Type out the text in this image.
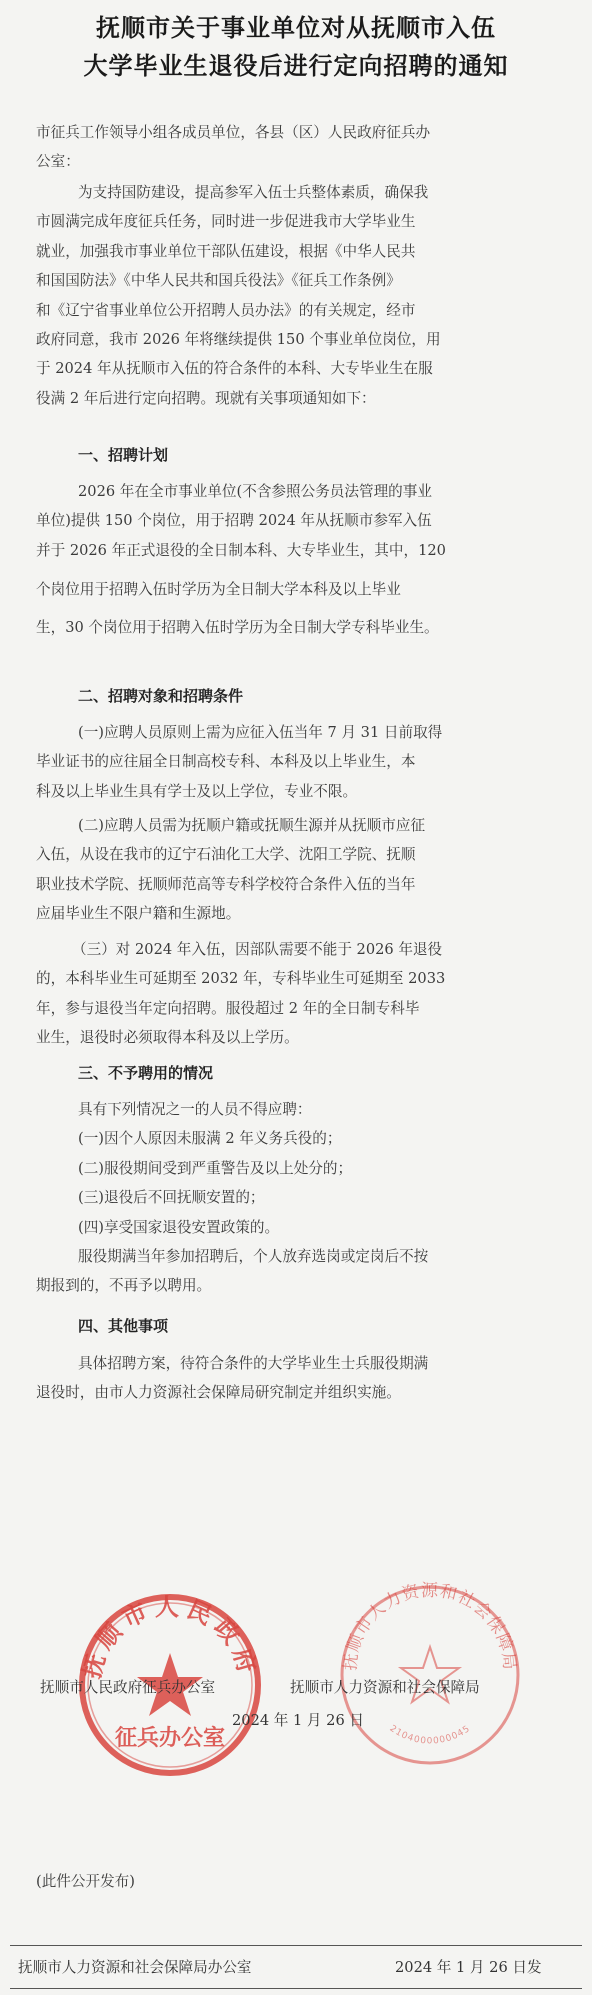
抚顺市关于事业单位对从抚顺市入伍
大学毕业生退役后进行定向招聘的通知
市征兵工作领导小组各成员单位，各县（区）人民政府征兵办
公室：
为支持国防建设，提高参军入伍士兵整体素质，确保我
市圆满完成年度征兵任务，同时进一步促进我市大学毕业生
就业，加强我市事业单位干部队伍建设，根据《中华人民共
和国国防法》《中华人民共和国兵役法》《征兵工作条例》
和《辽宁省事业单位公开招聘人员办法》的有关规定，经市
政府同意，我市 2026 年将继续提供 150 个事业单位岗位，用
于 2024 年从抚顺市入伍的符合条件的本科、大专毕业生在服
役满 2 年后进行定向招聘。现就有关事项通知如下：
一、招聘计划
2026 年在全市事业单位(不含参照公务员法管理的事业
单位)提供 150 个岗位，用于招聘 2024 年从抚顺市参军入伍
并于 2026 年正式退役的全日制本科、大专毕业生，其中，120
个岗位用于招聘入伍时学历为全日制大学本科及以上毕业
生，30 个岗位用于招聘入伍时学历为全日制大学专科毕业生。
二、招聘对象和招聘条件
(一)应聘人员原则上需为应征入伍当年 7 月 31 日前取得
毕业证书的应往届全日制高校专科、本科及以上毕业生，本
科及以上毕业生具有学士及以上学位，专业不限。
(二)应聘人员需为抚顺户籍或抚顺生源并从抚顺市应征
入伍，从设在我市的辽宁石油化工大学、沈阳工学院、抚顺
职业技术学院、抚顺师范高等专科学校符合条件入伍的当年
应届毕业生不限户籍和生源地。
（三）对 2024 年入伍，因部队需要不能于 2026 年退役
的，本科毕业生可延期至 2032 年，专科毕业生可延期至 2033
年，参与退役当年定向招聘。服役超过 2 年的全日制专科毕
业生，退役时必须取得本科及以上学历。
三、不予聘用的情况
具有下列情况之一的人员不得应聘：
(一)因个人原因未服满 2 年义务兵役的；
(二)服役期间受到严重警告及以上处分的；
(三)退役后不回抚顺安置的；
(四)享受国家退役安置政策的。
服役期满当年参加招聘后，个人放弃选岗或定岗后不按
期报到的，不再予以聘用。
四、其他事项
具体招聘方案，待符合条件的大学毕业生士兵服役期满
退役时，由市人力资源社会保障局研究制定并组织实施。
抚顺市人民政府
征兵办公室
抚顺市人力资源和社会保障局
2104000000045
抚顺市人民政府征兵办公室	抚顺市人力资源和社会保障局
2024 年 1 月 26 日
(此件公开发布)
抚顺市人力资源和社会保障局办公室	2024 年 1 月 26 日发
